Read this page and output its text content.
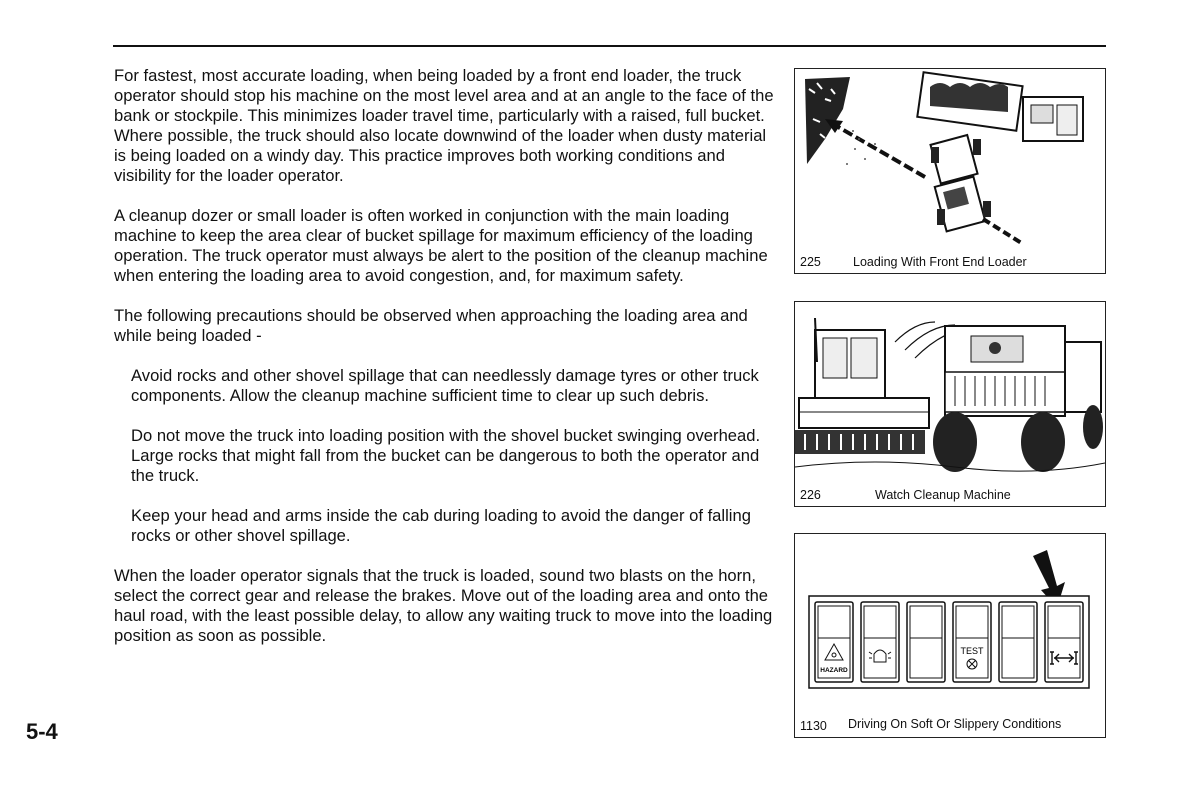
For fastest, most accurate loading, when being loaded by a front end loader, the truck operator should stop his machine on the most level area and at an angle to the face of the bank or stockpile. This minimizes loader travel time, particularly with a raised, full bucket. Where possible, the truck should also locate downwind of the loader when dusty material is being loaded on a windy day. This practice improves both working conditions and visibility for the loader operator.

A cleanup dozer or small loader is often worked in conjunction with the main loading machine to keep the area clear of bucket spillage for maximum efficiency of the loading operation. The truck operator must always be alert to the position of the cleanup machine when entering the loading area to avoid congestion, and, for maximum safety.

The following precautions should be observed when approaching the loading area and while being loaded -

Avoid rocks and other shovel spillage that can needlessly damage tyres or other truck components. Allow the cleanup machine sufficient time to clear up such debris.

Do not move the truck into loading position with the shovel bucket swinging overhead. Large rocks that might fall from the bucket can be dangerous to both the operator and the truck.

Keep your head and arms inside the cab during loading to avoid the danger of falling rocks or other shovel spillage.

When the loader operator signals that the truck is loaded, sound two blasts on the horn, select the correct gear and release the brakes. Move out of the loading area and onto the haul road, with the least possible delay, to allow any waiting truck to move into the loading position as soon as possible.

5-4
225	Loading With Front End Loader
226	Watch Cleanup Machine
HAZARD
TEST
1130 Driving On Soft Or Slippery Conditions
